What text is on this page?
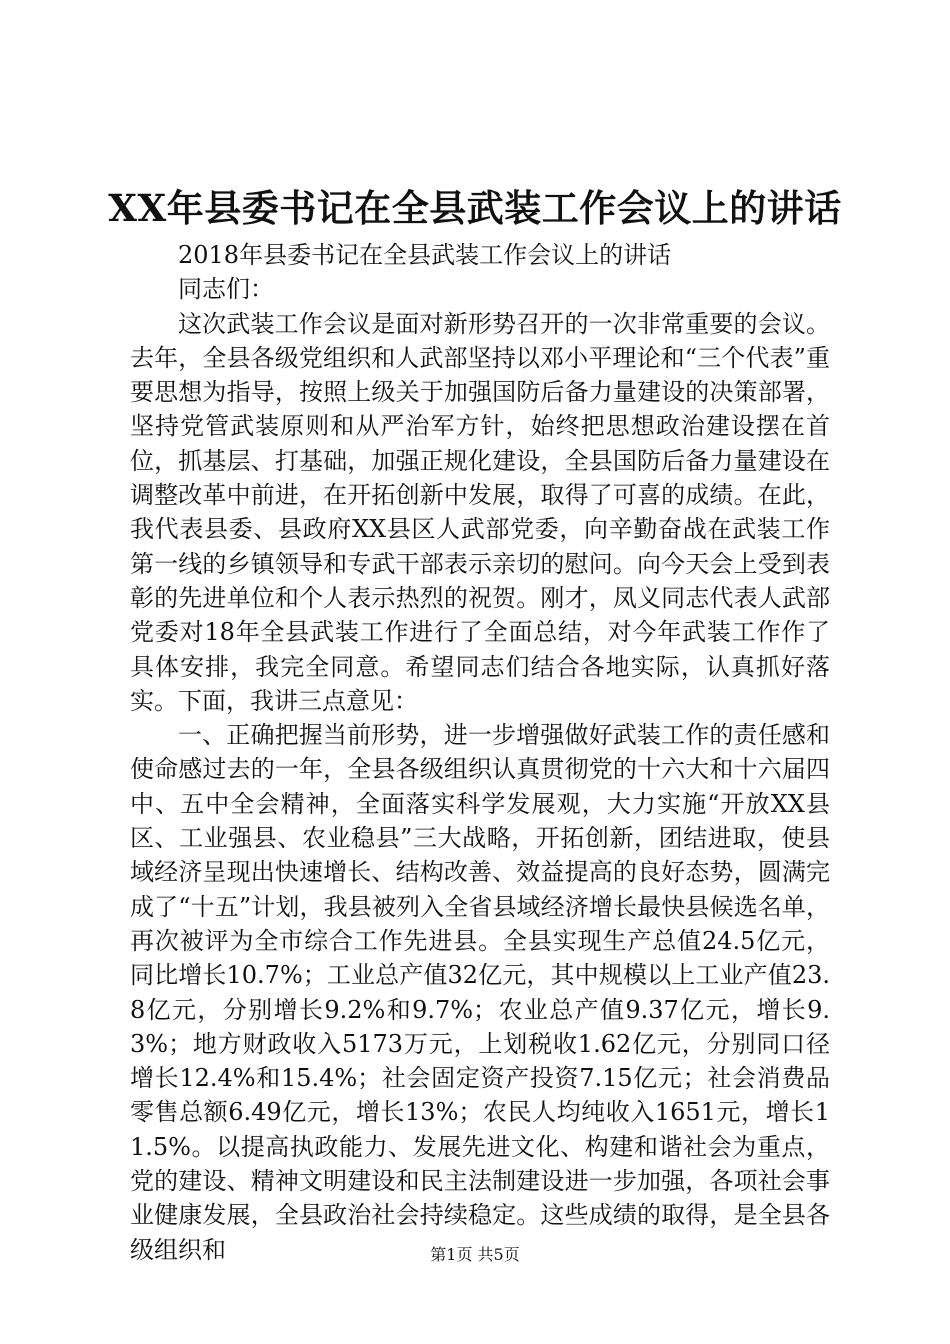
XX年县委书记在全县武装工作会议上的讲话

2018年县委书记在全县武装工作会议上的讲话

同志们：

这次武装工作会议是面对新形势召开的一次非常重要的会议。去年，全县各级党组织和人武部坚持以邓小平理论和“三个代表”重要思想为指导，按照上级关于加强国防后备力量建设的决策部署，坚持党管武装原则和从严治军方针，始终把思想政治建设摆在首位，抓基层、打基础，加强正规化建设，全县国防后备力量建设在调整改革中前进，在开拓创新中发展，取得了可喜的成绩。在此，我代表县委、县政府XX县区人武部党委，向辛勤奋战在武装工作第一线的乡镇领导和专武干部表示亲切的慰问。向今天会上受到表彰的先进单位和个人表示热烈的祝贺。刚才，凤义同志代表人武部党委对18年全县武装工作进行了全面总结，对今年武装工作作了具体安排，我完全同意。希望同志们结合各地实际，认真抓好落实。下面，我讲三点意见：

一、正确把握当前形势，进一步增强做好武装工作的责任感和使命感过去的一年，全县各级组织认真贯彻党的十六大和十六届四中、五中全会精神，全面落实科学发展观，大力实施“开放XX县区、工业强县、农业稳县”三大战略，开拓创新，团结进取，使县域经济呈现出快速增长、结构改善、效益提高的良好态势，圆满完成了“十五”计划，我县被列入全省县域经济增长最快县候选名单，再次被评为全市综合工作先进县。全县实现生产总值24.5亿元，同比增长10.7%；工业总产值32亿元，其中规模以上工业产值23.8亿元，分别增长9.2%和9.7%；农业总产值9.37亿元，增长9.3%；地方财政收入5173万元，上划税收1.62亿元，分别同口径增长12.4%和15.4%；社会固定资产投资7.15亿元；社会消费品零售总额6.49亿元，增长13%；农民人均纯收入1651元，增长11.5%。以提高执政能力、发展先进文化、构建和谐社会为重点，党的建设、精神文明建设和民主法制建设进一步加强，各项社会事业健康发展，全县政治社会持续稳定。这些成绩的取得，是全县各级组织和	第1页 共5页
